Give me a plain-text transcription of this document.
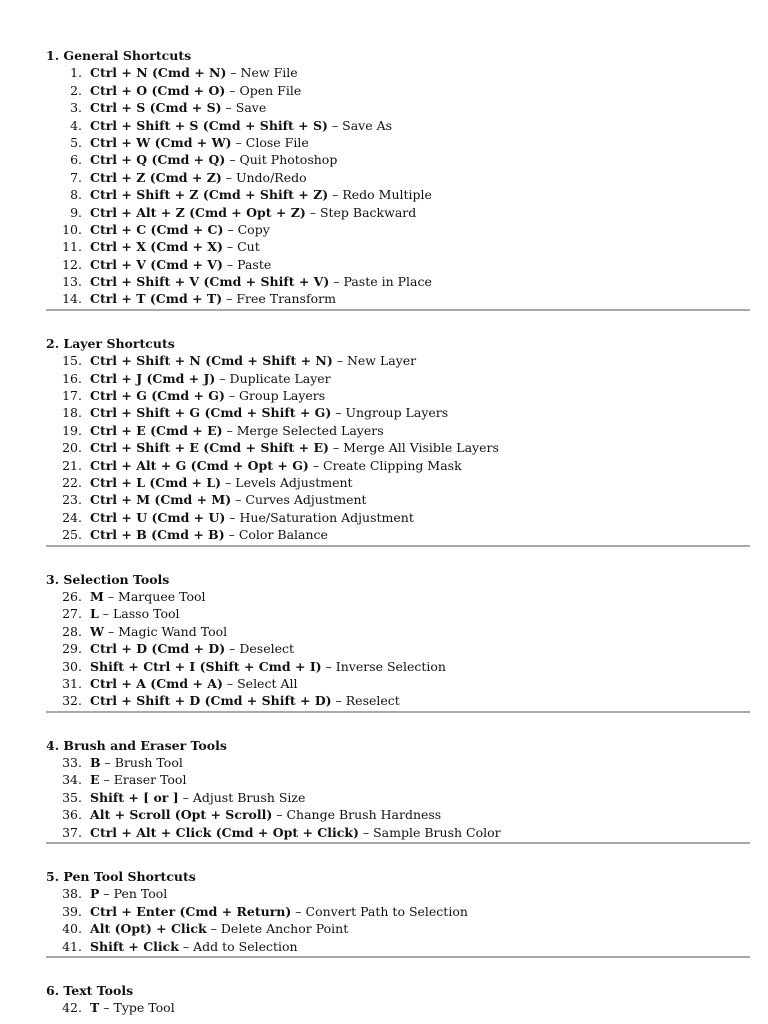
1. General Shortcuts
1. Ctrl + N (Cmd + N) – New File
2. Ctrl + O (Cmd + O) – Open File
3. Ctrl + S (Cmd + S) – Save
4. Ctrl + Shift + S (Cmd + Shift + S) – Save As
5. Ctrl + W (Cmd + W) – Close File
6. Ctrl + Q (Cmd + Q) – Quit Photoshop
7. Ctrl + Z (Cmd + Z) – Undo/Redo
8. Ctrl + Shift + Z (Cmd + Shift + Z) – Redo Multiple
9. Ctrl + Alt + Z (Cmd + Opt + Z) – Step Backward
10. Ctrl + C (Cmd + C) – Copy
11. Ctrl + X (Cmd + X) – Cut
12. Ctrl + V (Cmd + V) – Paste
13. Ctrl + Shift + V (Cmd + Shift + V) – Paste in Place
14. Ctrl + T (Cmd + T) – Free Transform
2. Layer Shortcuts
15. Ctrl + Shift + N (Cmd + Shift + N) – New Layer
16. Ctrl + J (Cmd + J) – Duplicate Layer
17. Ctrl + G (Cmd + G) – Group Layers
18. Ctrl + Shift + G (Cmd + Shift + G) – Ungroup Layers
19. Ctrl + E (Cmd + E) – Merge Selected Layers
20. Ctrl + Shift + E (Cmd + Shift + E) – Merge All Visible Layers
21. Ctrl + Alt + G (Cmd + Opt + G) – Create Clipping Mask
22. Ctrl + L (Cmd + L) – Levels Adjustment
23. Ctrl + M (Cmd + M) – Curves Adjustment
24. Ctrl + U (Cmd + U) – Hue/Saturation Adjustment
25. Ctrl + B (Cmd + B) – Color Balance
3. Selection Tools
26. M – Marquee Tool
27. L – Lasso Tool
28. W – Magic Wand Tool
29. Ctrl + D (Cmd + D) – Deselect
30. Shift + Ctrl + I (Shift + Cmd + I) – Inverse Selection
31. Ctrl + A (Cmd + A) – Select All
32. Ctrl + Shift + D (Cmd + Shift + D) – Reselect
4. Brush and Eraser Tools
33. B – Brush Tool
34. E – Eraser Tool
35. Shift + [ or ] – Adjust Brush Size
36. Alt + Scroll (Opt + Scroll) – Change Brush Hardness
37. Ctrl + Alt + Click (Cmd + Opt + Click) – Sample Brush Color
5. Pen Tool Shortcuts
38. P – Pen Tool
39. Ctrl + Enter (Cmd + Return) – Convert Path to Selection
40. Alt (Opt) + Click – Delete Anchor Point
41. Shift + Click – Add to Selection
6. Text Tools
42. T – Type Tool
